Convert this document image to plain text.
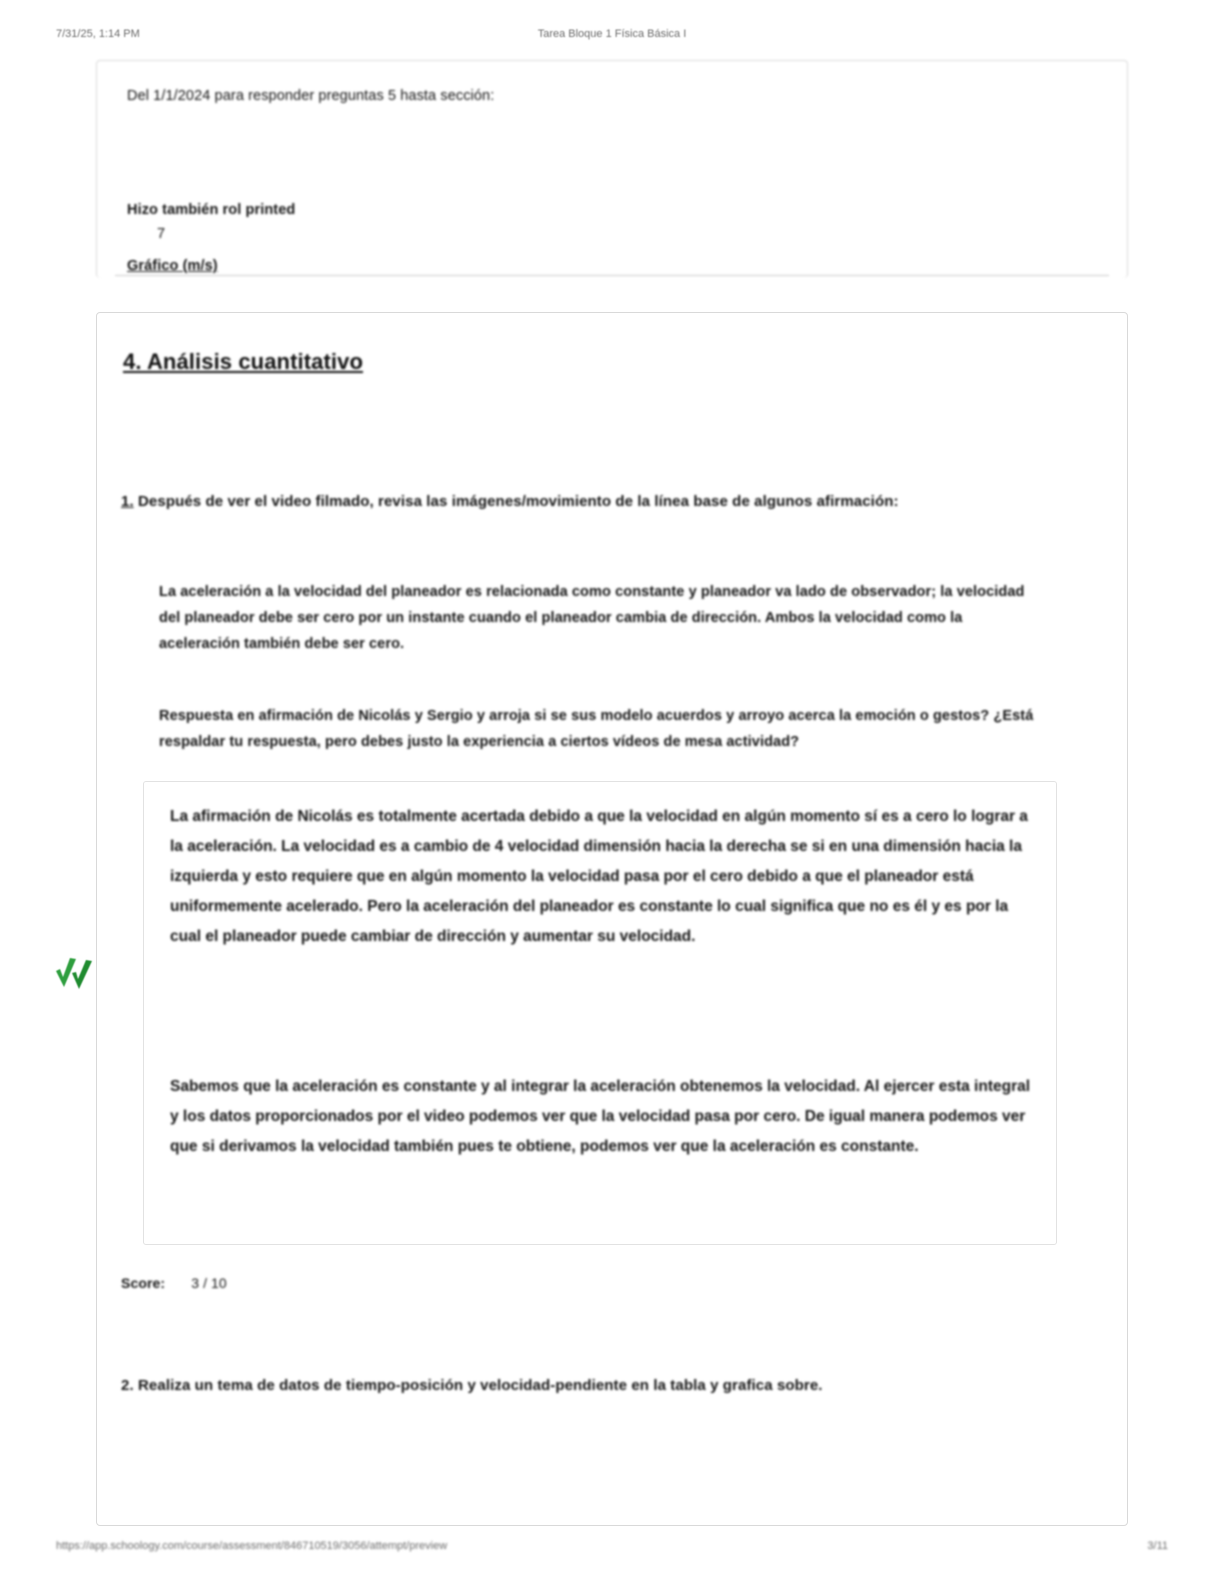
7/31/25, 1:14 PM	Tarea Bloque 1 Física Básica I
Del 1/1/2024 para responder preguntas 5 hasta sección:
Hizo también rol printed
7
Gráfico (m/s)
4. Análisis cuantitativo
1. Después de ver el video filmado, revisa las imágenes/movimiento de la línea base de algunos afirmación:
La aceleración a la velocidad del planeador es relacionada como constante y planeador va lado de observador; la velocidad del planeador debe ser cero por un instante cuando el planeador cambia de dirección. Ambos la velocidad como la aceleración también debe ser cero.
Respuesta en afirmación de Nicolás y Sergio y arroja si se sus modelo acuerdos y arroyo acerca la emoción o gestos? ¿Está respaldar tu respuesta, pero debes justo la experiencia a ciertos vídeos de mesa actividad?
La afirmación de Nicolás es totalmente acertada debido a que la velocidad en algún momento sí es a cero lo lograr a la aceleración. La velocidad es a cambio de 4 velocidad dimensión hacia la derecha se si en una dimensión hacia la izquierda y esto requiere que en algún momento la velocidad pasa por el cero debido a que el planeador está uniformemente acelerado. Pero la aceleración del planeador es constante lo cual significa que no es él y es por la cual el planeador puede cambiar de dirección y aumentar su velocidad.
Sabemos que la aceleración es constante y al integrar la aceleración obtenemos la velocidad. Al ejercer esta integral y los datos proporcionados por el video podemos ver que la velocidad pasa por cero. De igual manera podemos ver que si derivamos la velocidad también pues te obtiene, podemos ver que la aceleración es constante.
Score: 3 / 10
2. Realiza un tema de datos de tiempo-posición y velocidad-pendiente en la tabla y grafica sobre.
https://app.schoology.com/course/assessment/846710519/3056/attempt/preview	3/11
